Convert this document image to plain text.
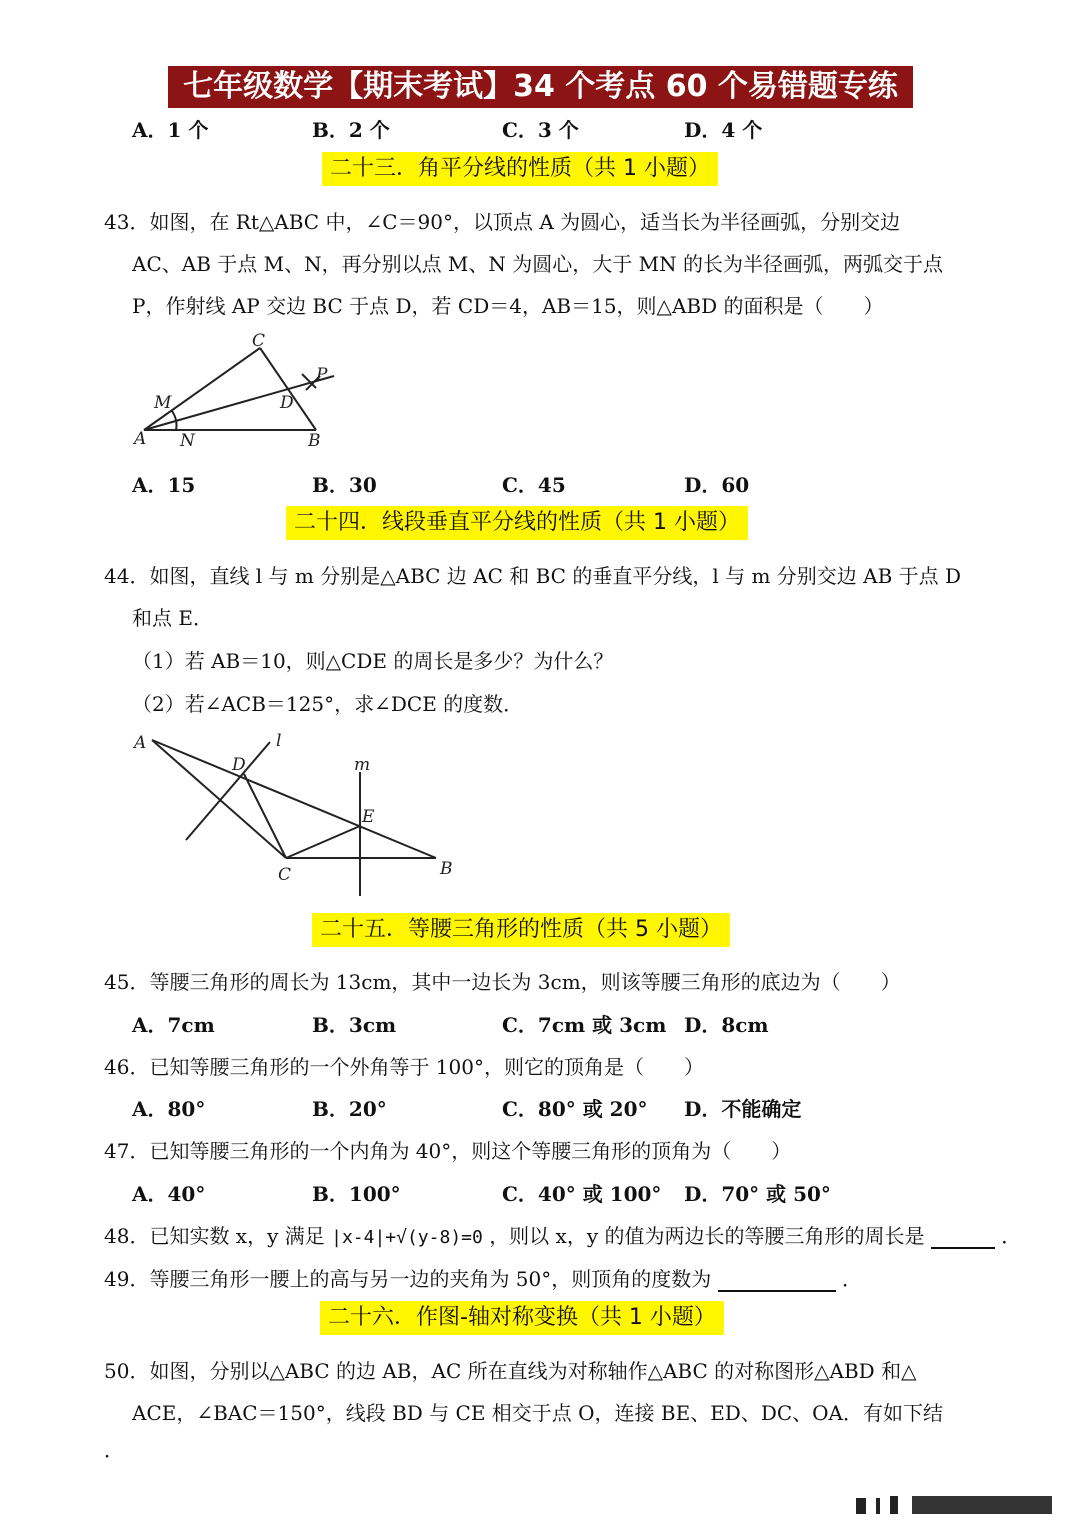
七年级数学【期末考试】34 个考点 60 个易错题专练
A．1 个	B．2 个	C．3 个	D．4 个
二十三．角平分线的性质（共 1 小题）
43．如图，在 Rt△ABC 中，∠C＝90°，以顶点 A 为圆心，适当长为半径画弧，分别交边
AC、AB 于点 M、N，再分别以点 M、N 为圆心，大于 MN 的长为半径画弧，两弧交于点
P，作射线 AP 交边 BC 于点 D，若 CD＝4，AB＝15，则△ABD 的面积是（　　）
C
P
M	D
A N	B
A．15	B．30	C．45	D．60
二十四．线段垂直平分线的性质（共 1 小题）
44．如图，直线 l 与 m 分别是△ABC 边 AC 和 BC 的垂直平分线，l 与 m 分别交边 AB 于点 D
和点 E．
（1）若 AB＝10，则△CDE 的周长是多少？为什么？
（2）若∠ACB＝125°，求∠DCE 的度数．
A	l
D	m
E
C	B
二十五．等腰三角形的性质（共 5 小题）
45．等腰三角形的周长为 13cm，其中一边长为 3cm，则该等腰三角形的底边为（　　）
A．7cm	B．3cm	C．7cm 或 3cm D．8cm
46．已知等腰三角形的一个外角等于 100°，则它的顶角是（　　）
A．80°	B．20°	C．80° 或 20° D．不能确定
47．已知等腰三角形的一个内角为 40°，则这个等腰三角形的顶角为（　　）
A．40°	B．100°	C．40° 或 100° D．70° 或 50°
48．已知实数 x，y 满足 |x-4|+√(y-8)=0 ，则以 x，y 的值为两边长的等腰三角形的周长是	．
49．等腰三角形一腰上的高与另一边的夹角为 50°，则顶角的度数为	．
二十六．作图-轴对称变换（共 1 小题）
50．如图，分别以△ABC 的边 AB，AC 所在直线为对称轴作△ABC 的对称图形△ABD 和△
ACE，∠BAC＝150°，线段 BD 与 CE 相交于点 O，连接 BE、ED、DC、OA．有如下结
．
